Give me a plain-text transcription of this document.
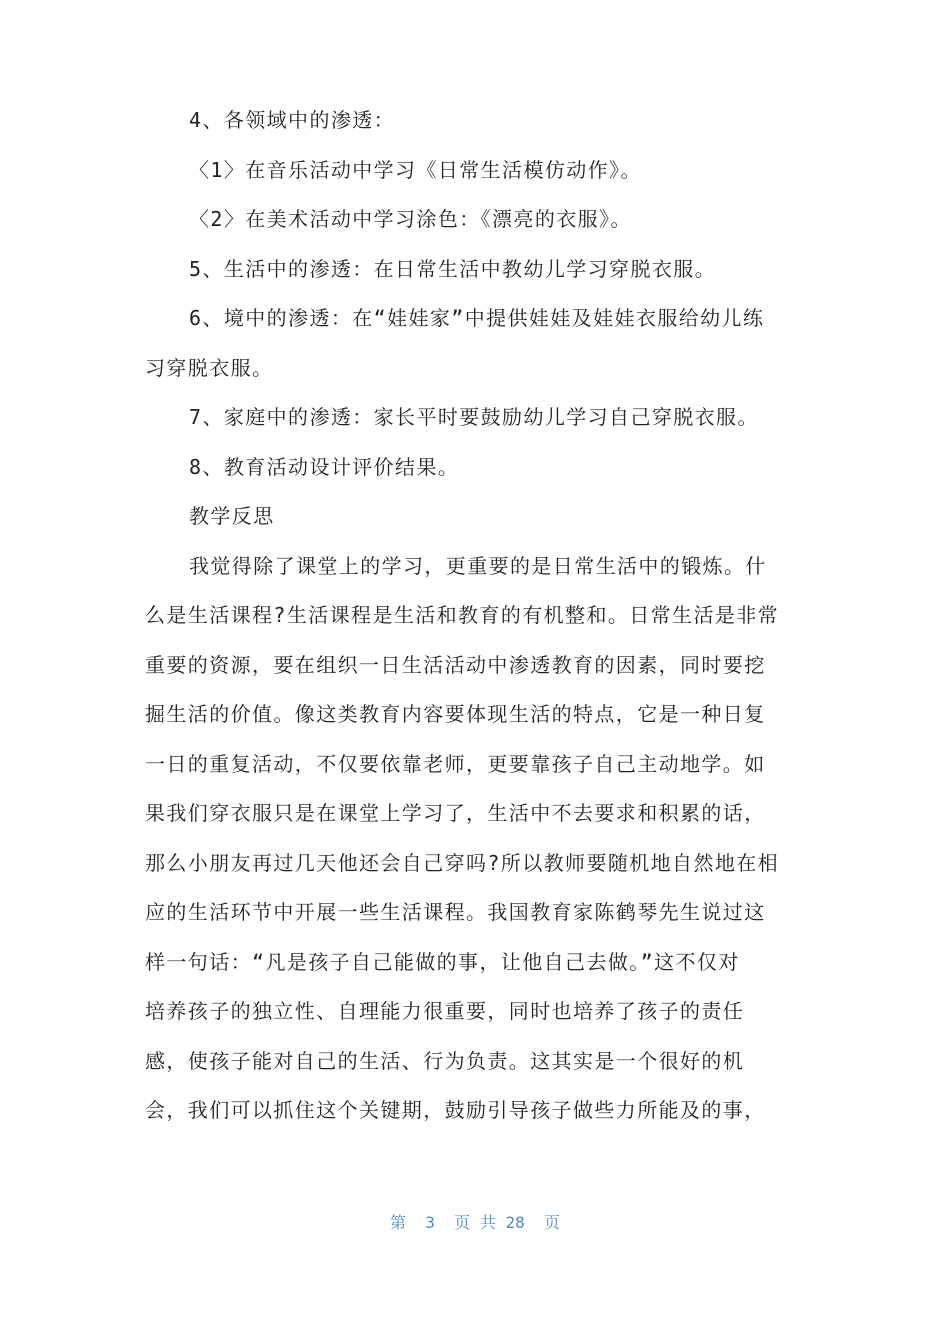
4、各领域中的渗透：

〈1〉在音乐活动中学习《日常生活模仿动作》。

〈2〉在美术活动中学习涂色：《漂亮的衣服》。

5、生活中的渗透：在日常生活中教幼儿学习穿脱衣服。

6、境中的渗透：在“娃娃家”中提供娃娃及娃娃衣服给幼儿练
习穿脱衣服。

7、家庭中的渗透：家长平时要鼓励幼儿学习自己穿脱衣服。

8、教育活动设计评价结果。

教学反思

我觉得除了课堂上的学习，更重要的是日常生活中的锻炼。什
么是生活课程?生活课程是生活和教育的有机整和。日常生活是非常
重要的资源，要在组织一日生活活动中渗透教育的因素，同时要挖
掘生活的价值。像这类教育内容要体现生活的特点，它是一种日复
一日的重复活动，不仅要依靠老师，更要靠孩子自己主动地学。如
果我们穿衣服只是在课堂上学习了，生活中不去要求和积累的话，
那么小朋友再过几天他还会自己穿吗?所以教师要随机地自然地在相
应的生活环节中开展一些生活课程。我国教育家陈鹤琴先生说过这
样一句话：“凡是孩子自己能做的事，让他自己去做。”这不仅对
培养孩子的独立性、自理能力很重要，同时也培养了孩子的责任
感，使孩子能对自己的生活、行为负责。这其实是一个很好的机
会，我们可以抓住这个关键期，鼓励引导孩子做些力所能及的事，

第  3  页 共 28  页
